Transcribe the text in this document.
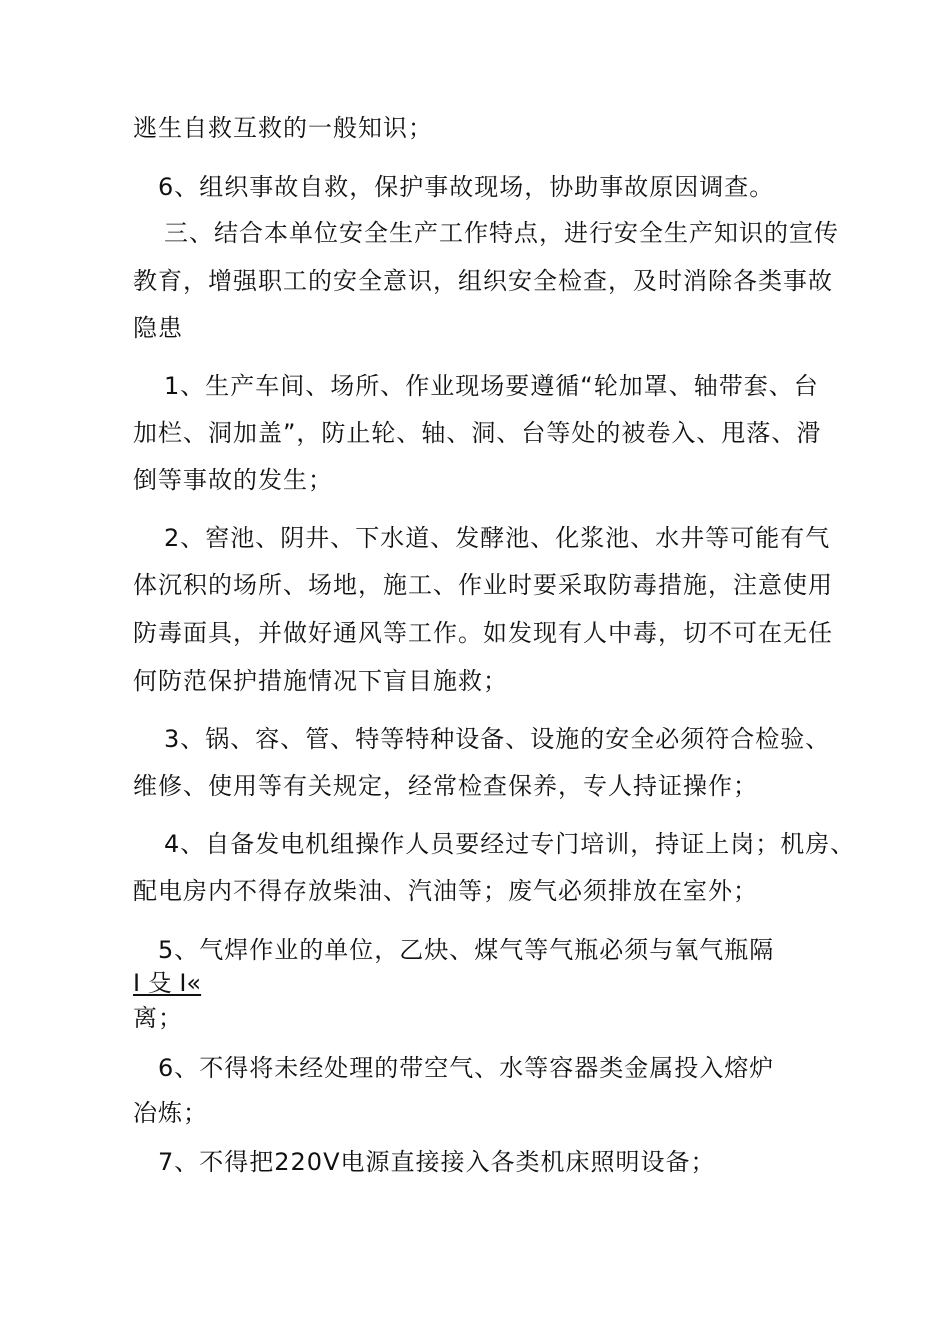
逃生自救互救的一般知识；
6、组织事故自救，保护事故现场，协助事故原因调查。
三、结合本单位安全生产工作特点，进行安全生产知识的宣传
教育，增强职工的安全意识，组织安全检查，及时消除各类事故
隐患
1、生产车间、场所、作业现场要遵循“轮加罩、轴带套、台
加栏、洞加盖”，防止轮、轴、洞、台等处的被卷入、甩落、滑
倒等事故的发生；
2、窖池、阴井、下水道、发酵池、化浆池、水井等可能有气
体沉积的场所、场地，施工、作业时要采取防毒措施，注意使用
防毒面具，并做好通风等工作。如发现有人中毒，切不可在无任
何防范保护措施情况下盲目施救；
3、锅、容、管、特等特种设备、设施的安全必须符合检验、
维修、使用等有关规定，经常检查保养，专人持证操作；
4、自备发电机组操作人员要经过专门培训，持证上岗；机房、
配电房内不得存放柴油、汽油等；废气必须排放在室外；
5、气焊作业的单位，乙炔、煤气等气瓶必须与氧气瓶隔
I 殳 I«
离；
6、不得将未经处理的带空气、水等容器类金属投入熔炉
冶炼；
7、不得把220V电源直接接入各类机床照明设备；
